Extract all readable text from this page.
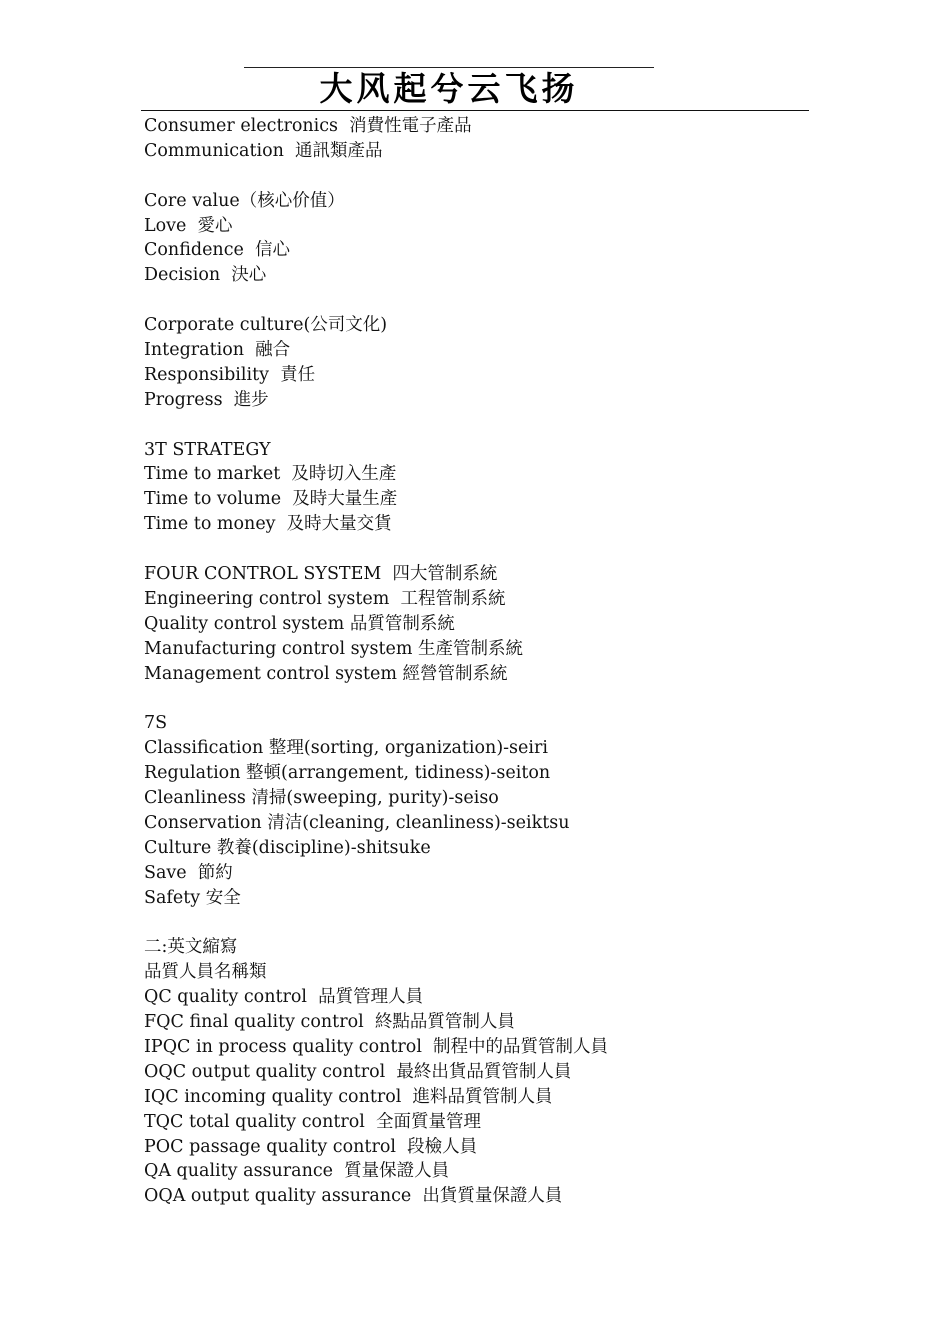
大风起兮云飞扬
Consumer electronics  消費性電子產品
Communication  通訊類產品
Core value（核心价值）
Love  愛心
Confidence  信心
Decision  決心
Corporate culture(公司文化)
Integration  融合
Responsibility  責任
Progress  進步
3T STRATEGY
Time to market  及時切入生產
Time to volume  及時大量生產
Time to money  及時大量交貨
FOUR CONTROL SYSTEM  四大管制系統
Engineering control system  工程管制系統
Quality control system 品質管制系統
Manufacturing control system 生產管制系統
Management control system 經營管制系統
7S
Classification 整理(sorting, organization)-seiri
Regulation 整頓(arrangement, tidiness)-seiton
Cleanliness 清掃(sweeping, purity)-seiso
Conservation 清洁(cleaning, cleanliness)-seiktsu
Culture 教養(discipline)-shitsuke
Save  節約
Safety 安全
二:英文縮寫
品質人員名稱類
QC quality control  品質管理人員
FQC final quality control  終點品質管制人員
IPQC in process quality control  制程中的品質管制人員
OQC output quality control  最終出貨品質管制人員
IQC incoming quality control  進料品質管制人員
TQC total quality control  全面質量管理
POC passage quality control  段檢人員
QA quality assurance  質量保證人員
OQA output quality assurance  出貨質量保證人員
